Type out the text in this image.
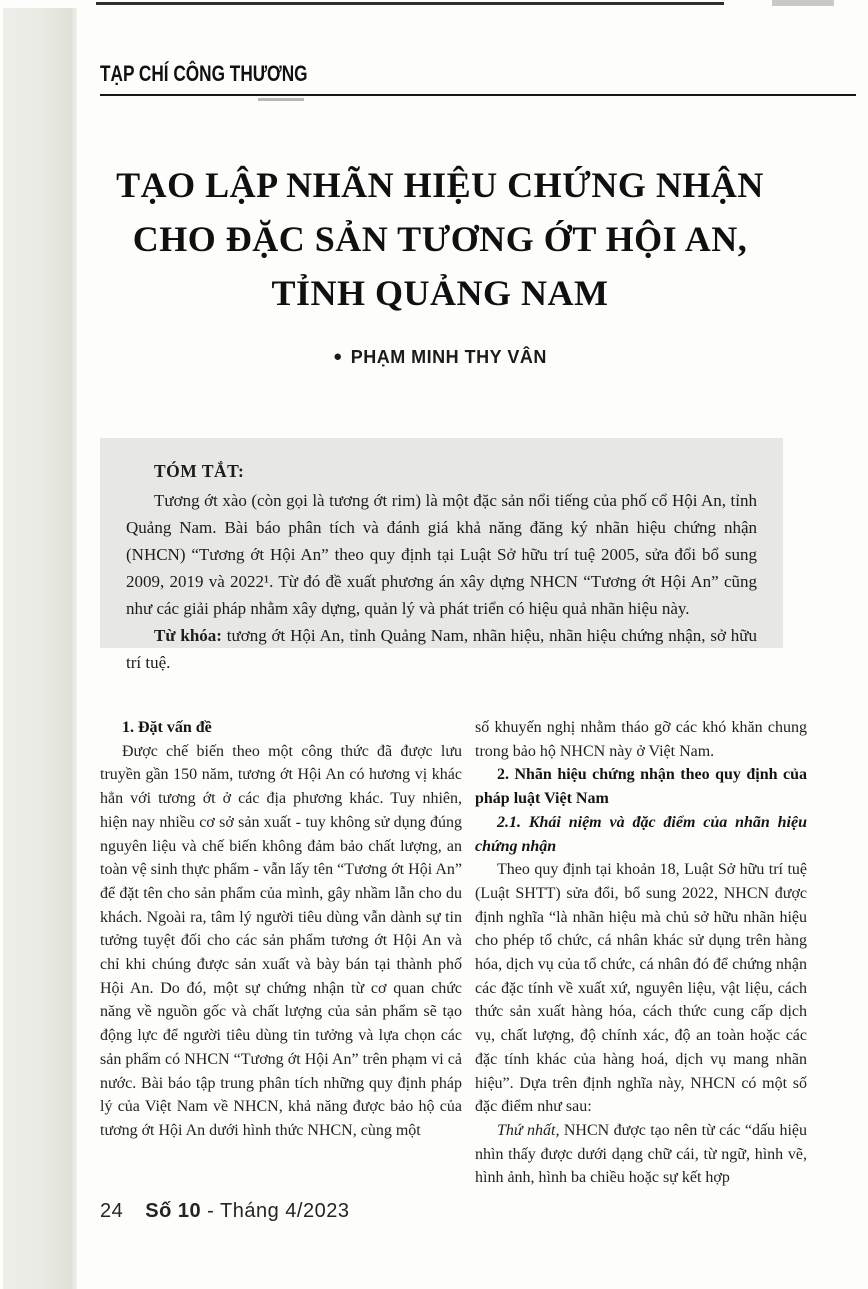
TẠP CHÍ CÔNG THƯƠNG
TẠO LẬP NHÃN HIỆU CHỨNG NHẬN
CHO ĐẶC SẢN TƯƠNG ỚT HỘI AN,
TỈNH QUẢNG NAM
● PHẠM MINH THY VÂN
TÓM TẮT:

Tương ớt xào (còn gọi là tương ớt rim) là một đặc sản nổi tiếng của phố cổ Hội An, tỉnh Quảng Nam. Bài báo phân tích và đánh giá khả năng đăng ký nhãn hiệu chứng nhận (NHCN) “Tương ớt Hội An” theo quy định tại Luật Sở hữu trí tuệ 2005, sửa đổi bổ sung 2009, 2019 và 2022¹. Từ đó đề xuất phương án xây dựng NHCN “Tương ớt Hội An” cũng như các giải pháp nhằm xây dựng, quản lý và phát triển có hiệu quả nhãn hiệu này.

Từ khóa: tương ớt Hội An, tỉnh Quảng Nam, nhãn hiệu, nhãn hiệu chứng nhận, sở hữu trí tuệ.

1. Đặt vấn đề

Được chế biến theo một công thức đã được lưu truyền gần 150 năm, tương ớt Hội An có hương vị khác hẳn với tương ớt ở các địa phương khác. Tuy nhiên, hiện nay nhiều cơ sở sản xuất - tuy không sử dụng đúng nguyên liệu và chế biến không đảm bảo chất lượng, an toàn vệ sinh thực phẩm - vẫn lấy tên “Tương ớt Hội An” để đặt tên cho sản phẩm của mình, gây nhầm lẫn cho du khách. Ngoài ra, tâm lý người tiêu dùng vẫn dành sự tin tưởng tuyệt đối cho các sản phẩm tương ớt Hội An và chỉ khi chúng được sản xuất và bày bán tại thành phố Hội An. Do đó, một sự chứng nhận từ cơ quan chức năng về nguồn gốc và chất lượng của sản phẩm sẽ tạo động lực để người tiêu dùng tin tưởng và lựa chọn các sản phẩm có NHCN “Tương ớt Hội An” trên phạm vi cả nước. Bài báo tập trung phân tích những quy định pháp lý của Việt Nam về NHCN, khả năng được bảo hộ của tương ớt Hội An dưới hình thức NHCN, cùng một

số khuyến nghị nhằm tháo gỡ các khó khăn chung trong bảo hộ NHCN này ở Việt Nam.

2. Nhãn hiệu chứng nhận theo quy định của pháp luật Việt Nam
2.1. Khái niệm và đặc điểm của nhãn hiệu chứng nhận

Theo quy định tại khoản 18, Luật Sở hữu trí tuệ (Luật SHTT) sửa đổi, bổ sung 2022, NHCN được định nghĩa “là nhãn hiệu mà chủ sở hữu nhãn hiệu cho phép tổ chức, cá nhân khác sử dụng trên hàng hóa, dịch vụ của tổ chức, cá nhân đó để chứng nhận các đặc tính về xuất xứ, nguyên liệu, vật liệu, cách thức sản xuất hàng hóa, cách thức cung cấp dịch vụ, chất lượng, độ chính xác, độ an toàn hoặc các đặc tính khác của hàng hoá, dịch vụ mang nhãn hiệu”. Dựa trên định nghĩa này, NHCN có một số đặc điểm như sau:

Thứ nhất, NHCN được tạo nên từ các “dấu hiệu nhìn thấy được dưới dạng chữ cái, từ ngữ, hình vẽ, hình ảnh, hình ba chiều hoặc sự kết hợp

24 Số 10 - Tháng 4/2023
